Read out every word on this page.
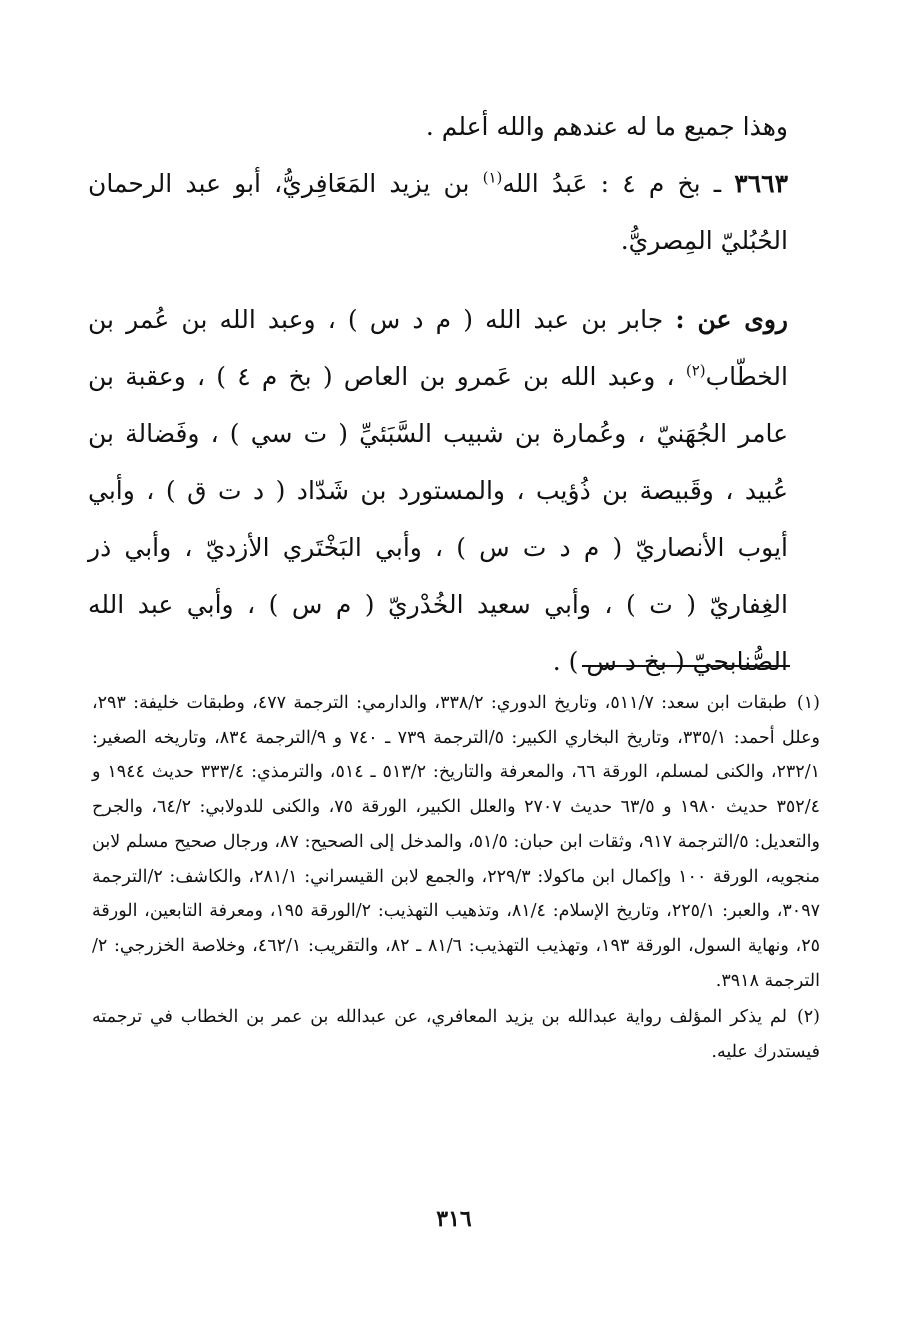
وهذا جميع ما له عندهم والله أعلم .

٣٦٦٣ ـ بخ م ٤ : عَبدُ الله$^{(١)}$ بن يزيد المَعَافِريُّ، أبو عبد الرحمان الحُبُليّ المِصريُّ.

روى عن : جابر بن عبد الله ( م د س ) ، وعبد الله بن عُمر بن الخطّاب$^{(٢)}$ ، وعبد الله بن عَمرو بن العاص ( بخ م ٤ ) ، وعقبة بن عامر الجُهَنيّ ، وعُمارة بن شبيب السَّبَئيِّ ( ت سي ) ، وفَضالة بن عُبيد ، وقَبيصة بن ذُؤيب ، والمستورد بن شَدّاد ( د ت ق ) ، وأبي أيوب الأنصاريّ ( م د ت س ) ، وأبي البَخْتَري الأزديّ ، وأبي ذر الغِفاريّ ( ت ) ، وأبي سعيد الخُدْريّ ( م س ) ، وأبي عبد الله الصُّنابحيّ ( بخ د س ) .

(١)طبقات ابن سعد: ٥١١/٧، وتاريخ الدوري: ٣٣٨/٢، والدارمي: الترجمة ٤٧٧، وطبقات خليفة: ٢٩٣، وعلل أحمد: ٣٣٥/١، وتاريخ البخاري الكبير: ٥/الترجمة ٧٣٩ ـ ٧٤٠ و ٩/الترجمة ٨٣٤، وتاريخه الصغير: ٢٣٢/١، والكنى لمسلم، الورقة ٦٦، والمعرفة والتاريخ: ٥١٣/٢ ـ ٥١٤، والترمذي: ٣٣٣/٤ حديث ١٩٤٤ و ٣٥٢/٤ حديث ١٩٨٠ و ٦٣/٥ حديث ٢٧٠٧ والعلل الكبير، الورقة ٧٥، والكنى للدولابي: ٦٤/٢، والجرح والتعديل: ٥/الترجمة ٩١٧، وثقات ابن حبان: ٥١/٥، والمدخل إلى الصحيح: ٨٧، ورجال صحيح مسلم لابن منجويه، الورقة ١٠٠ وإكمال ابن ماكولا: ٢٢٩/٣، والجمع لابن القيسراني: ٢٨١/١، والكاشف: ٢/الترجمة ٣٠٩٧، والعبر: ٢٢٥/١، وتاريخ الإسلام: ٨١/٤، وتذهيب التهذيب: ٢/الورقة ١٩٥، ومعرفة التابعين، الورقة ٢٥، ونهاية السول، الورقة ١٩٣، وتهذيب التهذيب: ٨١/٦ ـ ٨٢، والتقريب: ٤٦٢/١، وخلاصة الخزرجي: ٢/الترجمة ٣٩١٨.

(٢)لم يذكر المؤلف رواية عبدالله بن يزيد المعافري، عن عبدالله بن عمر بن الخطاب في ترجمته فيستدرك عليه.

٣١٦
